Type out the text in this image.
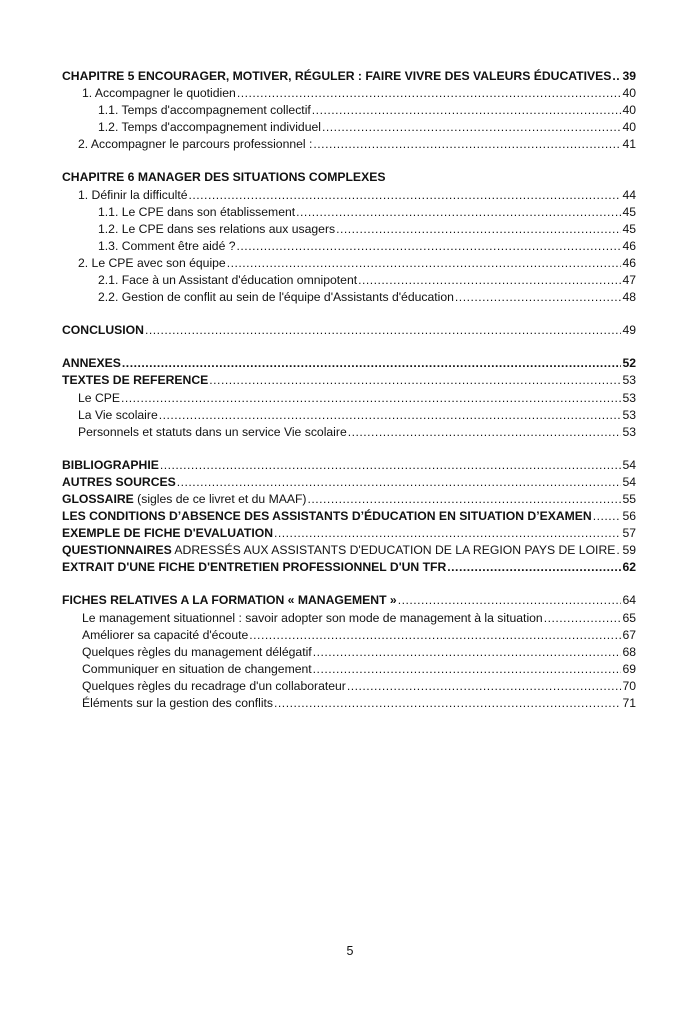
CHAPITRE 5 ENCOURAGER, MOTIVER, RÉGULER : FAIRE VIVRE DES VALEURS ÉDUCATIVES ..... 39
1. Accompagner le quotidien .....	40
1.1. Temps d'accompagnement collectif .....	40
1.2. Temps d'accompagnement individuel .....	40
2. Accompagner le parcours professionnel : .....	41
CHAPITRE 6 MANAGER DES SITUATIONS COMPLEXES
1. Définir la difficulté .....	44
1.1. Le CPE dans son établissement .....	45
1.2. Le CPE dans ses relations aux usagers .....	45
1.3. Comment être aidé ? .....	46
2. Le CPE avec son équipe .....	46
2.1. Face à un Assistant d'éducation omnipotent .....	47
2.2. Gestion de conflit au sein de l'équipe d'Assistants d'éducation .....	48
CONCLUSION .....	49
ANNEXES .....	52
TEXTES DE REFERENCE .....	53
Le CPE .....	53
La Vie scolaire .....	53
Personnels et statuts dans un service Vie scolaire .....	53
BIBLIOGRAPHIE .....	54
AUTRES SOURCES .....	54
GLOSSAIRE (sigles de ce livret et du MAAF) .....	55
LES CONDITIONS D’ABSENCE DES ASSISTANTS D’ÉDUCATION EN SITUATION D’EXAMEN .....	56
EXEMPLE DE FICHE D'EVALUATION .....	57
QUESTIONNAIRES ADRESSÉS AUX ASSISTANTS D'EDUCATION DE LA REGION PAYS DE LOIRE ..... 59
EXTRAIT D'UNE FICHE D'ENTRETIEN PROFESSIONNEL D'UN TFR .....	62
FICHES RELATIVES A LA FORMATION « MANAGEMENT » .....	64
Le management situationnel : savoir adopter son mode de management à la situation .....	65
Améliorer sa capacité d'écoute .....	67
Quelques règles du management délégatif .....	68
Communiquer en situation de changement .....	69
Quelques règles du recadrage d'un collaborateur .....	70
Éléments sur la gestion des conflits .....	71
5
